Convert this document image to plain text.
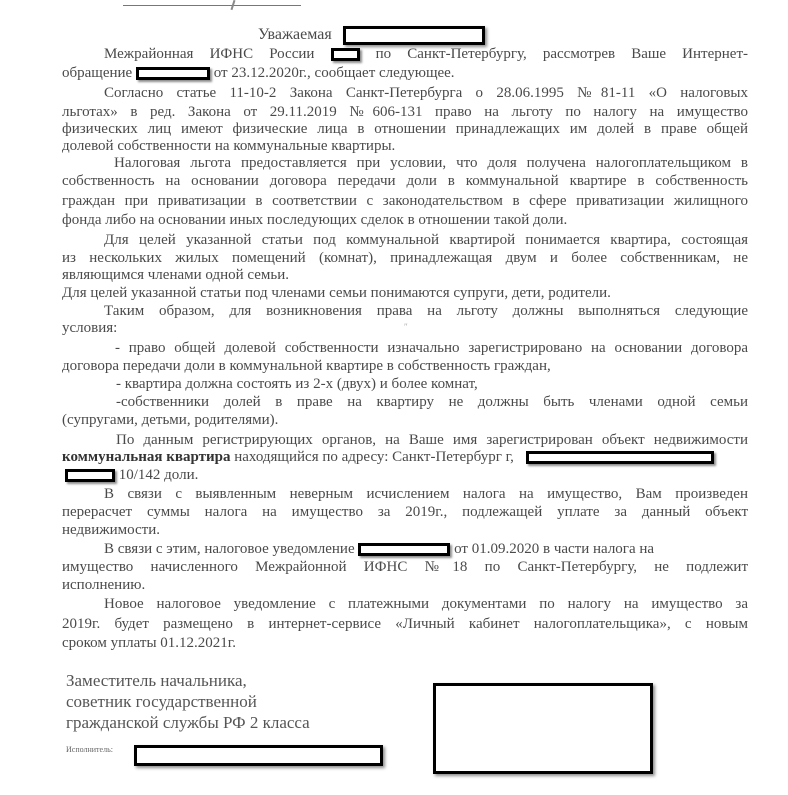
Уважаемая
Межрайонная ИФНС России	по Санкт-Петербургу, рассмотрев Ваше Интернет-
обращение	от 23.12.2020г., сообщает следующее.
Согласно статье 11-10-2 Закона Санкт-Петербурга о 28.06.1995 №81-11 «О налоговых
льготах» в ред. Закона от 29.11.2019 №606-131 право на льготу по налогу на имущество
физических лиц имеют физические лица в отношении принадлежащих им долей в праве общей
долевой собственности на коммунальные квартиры.
Налоговая льгота предоставляется при условии, что доля получена налогоплательщиком в
собственность на основании договора передачи доли в коммунальной квартире в собственность
граждан при приватизации в соответствии с законодательством в сфере приватизации жилищного
фонда либо на основании иных последующих сделок в отношении такой доли.
Для целей указанной статьи под коммунальной квартирой понимается квартира, состоящая
из нескольких жилых помещений (комнат), принадлежащая двум и более собственникам, не
являющимся членами одной семьи.
Для целей указанной статьи под членами семьи понимаются супруги, дети, родители.
Таким образом, для возникновения права на льготу должны выполняться следующие
условия:
- право общей долевой собственности изначально зарегистрировано на основании договора
договора передачи доли в коммунальной квартире в собственность граждан,
- квартира должна состоять из 2-х (двух) и более комнат,
-собственники долей в праве на квартиру не должны быть членами одной семьи
(супругами, детьми, родителями).
По данным регистрирующих органов, на Ваше имя зарегистрирован объект недвижимости
коммунальная квартира находящийся по адресу: Санкт-Петербург г,
10/142 доли.
В связи с выявленным неверным исчислением налога на имущество, Вам произведен
перерасчет суммы налога на имущество за 2019г., подлежащей уплате за данный объект
недвижимости.
В связи с этим, налоговое уведомление	от 01.09.2020 в части налога на
имущество начисленного Межрайонной ИФНС №18 по Санкт-Петербургу, не подлежит
исполнению.
Новое налоговое уведомление с платежными документами по налогу на имущество за
2019г. будет размещено в интернет-сервисе «Личный кабинет налогоплательщика», с новым
сроком уплаты 01.12.2021г.
″
Заместитель начальника,
советник государственной
гражданской службы РФ 2 класса
Исполнитель:
